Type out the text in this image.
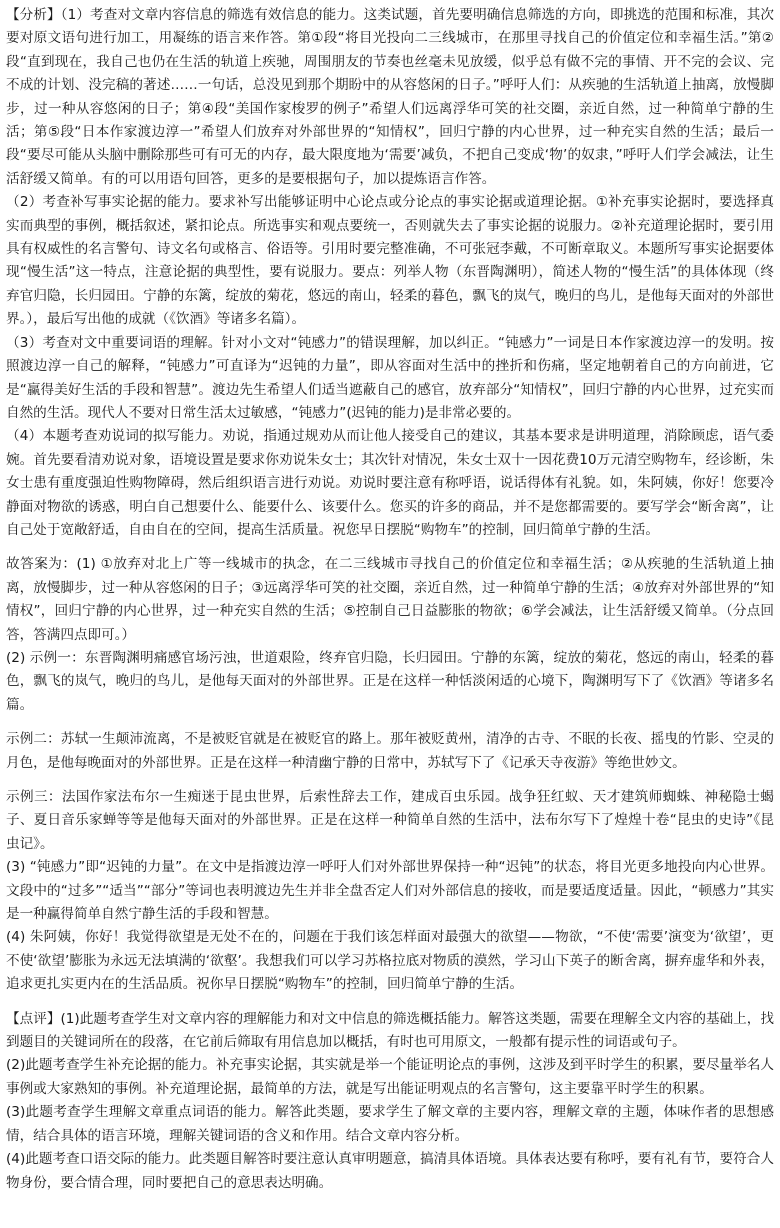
【分析】（1）考查对文章内容信息的筛选有效信息的能力。这类试题，首先要明确信息筛选的方向，即挑选的范围和标准，其次要对原文语句进行加工，用凝练的语言来作答。第①段“将目光投向二三线城市，在那里寻找自己的价值定位和幸福生活。”第②段“直到现在，我自己也仍在生活的轨道上疾驰，周围朋友的节奏也丝毫未见放缓，似乎总有做不完的事情、开不完的会议、完不成的计划、没完稿的著述……一句话，总没见到那个期盼中的从容悠闲的日子。”呼吁人们：从疾驰的生活轨道上抽离，放慢脚步，过一种从容悠闲的日子；第④段“美国作家梭罗的例子”希望人们远离浮华可笑的社交圈，亲近自然，过一种简单宁静的生活；第⑤段“日本作家渡边淳一”希望人们放弃对外部世界的“知情权”，回归宁静的内心世界，过一种充实自然的生活；最后一段“要尽可能从头脑中删除那些可有可无的内存，最大限度地为‘需要’减负，不把自己变成‘物’的奴隶，”呼吁人们学会减法，让生活舒缓又简单。有的可以用语句回答，更多的是要根据句子，加以提炼语言作答。

（2）考查补写事实论据的能力。要求补写出能够证明中心论点或分论点的事实论据或道理论据。①补充事实论据时，要选择真实而典型的事例，概括叙述，紧扣论点。所选事实和观点要统一，否则就失去了事实论据的说服力。②补充道理论据时，要引用具有权威性的名言警句、诗文名句或格言、俗语等。引用时要完整准确，不可张冠李戴，不可断章取义。本题所写事实论据要体现“慢生活”这一特点，注意论据的典型性，要有说服力。要点：列举人物（东晋陶渊明），简述人物的“慢生活”的具体体现（终弃官归隐，长归园田。宁静的东篱，绽放的菊花，悠远的南山，轻柔的暮色，飘飞的岚气，晚归的鸟儿，是他每天面对的外部世界。），最后写出他的成就（《饮酒》等诸多名篇）。

（3）考查对文中重要词语的理解。针对小文对“钝感力”的错误理解，加以纠正。“钝感力”一词是日本作家渡边淳一的发明。按照渡边淳一自己的解释，“钝感力”可直译为“迟钝的力量”，即从容面对生活中的挫折和伤痛，坚定地朝着自己的方向前进，它是“赢得美好生活的手段和智慧”。渡边先生希望人们适当遮蔽自己的感官，放弃部分“知情权”，回归宁静的内心世界，过充实而自然的生活。现代人不要对日常生活太过敏感，“钝感力”(迟钝的能力)是非常必要的。

（4）本题考查劝说词的拟写能力。劝说，指通过规劝从而让他人接受自己的建议，其基本要求是讲明道理，消除顾虑，语气委婉。首先要看清劝说对象，语境设置是要求你劝说朱女士；其次针对情况，朱女士双十一因花费10万元清空购物车，经诊断，朱女士患有重度强迫性购物障碍，然后组织语言进行劝说。劝说时要注意有称呼语，说话得体有礼貌。如，朱阿姨，你好！您要冷静面对物欲的诱惑，明白自己想要什么、能要什么、该要什么。您买的许多的商品，并不是您都需要的。要写学会“断舍离”，让自己处于宽敞舒适，自由自在的空间，提高生活质量。祝您早日摆脱“购物车”的控制，回归简单宁静的生活。

故答案为：(1) ①放弃对北上广等一线城市的执念，在二三线城市寻找自己的价值定位和幸福生活；②从疾驰的生活轨道上抽离，放慢脚步，过一种从容悠闲的日子；③远离浮华可笑的社交圈，亲近自然，过一种简单宁静的生活；④放弃对外部世界的“知情权”，回归宁静的内心世界，过一种充实自然的生活；⑤控制自己日益膨胀的物欲；⑥学会减法，让生活舒缓又简单。（分点回答，答满四点即可。）

(2) 示例一：东晋陶渊明痛感官场污浊，世道艰险，终弃官归隐，长归园田。宁静的东篱，绽放的菊花，悠远的南山，轻柔的暮色，飘飞的岚气，晚归的鸟儿，是他每天面对的外部世界。正是在这样一种恬淡闲适的心境下，陶渊明写下了《饮酒》等诸多名篇。

示例二：苏轼一生颠沛流离，不是被贬官就是在被贬官的路上。那年被贬黄州，清净的古寺、不眠的长夜、摇曳的竹影、空灵的月色，是他每晚面对的外部世界。正是在这样一种清幽宁静的日常中，苏轼写下了《记承天寺夜游》等绝世妙文。

示例三：法国作家法布尔一生痴迷于昆虫世界，后索性辞去工作，建成百虫乐园。战争狂红蚁、天才建筑师蜘蛛、神秘隐士蝎子、夏日音乐家蝉等等是他每天面对的外部世界。正是在这样一种简单自然的生活中，法布尔写下了煌煌十卷“昆虫的史诗”《昆虫记》。

(3) “钝感力”即“迟钝的力量”。在文中是指渡边淳一呼吁人们对外部世界保持一种“迟钝”的状态，将目光更多地投向内心世界。文段中的“过多”“适当”“部分”等词也表明渡边先生并非全盘否定人们对外部信息的接收，而是要适度适量。因此，“顿感力”其实是一种赢得简单自然宁静生活的手段和智慧。

(4) 朱阿姨，你好！我觉得欲望是无处不在的，问题在于我们该怎样面对最强大的欲望——物欲，“不使‘需要’演变为‘欲望’，更不使‘欲望’膨胀为永远无法填满的‘欲壑’。我想我们可以学习苏格拉底对物质的漠然，学习山下英子的断舍离，摒弃虚华和外表，追求更扎实更内在的生活品质。祝你早日摆脱“购物车”的控制，回归简单宁静的生活。

【点评】(1)此题考查学生对文章内容的理解能力和对文中信息的筛选概括能力。解答这类题，需要在理解全文内容的基础上，找到题目的关键词所在的段落，在它前后筛取有用信息加以概括，有时也可用原文，一般都有提示性的词语或句子。

(2)此题考查学生补充论据的能力。补充事实论据，其实就是举一个能证明论点的事例，这涉及到平时学生的积累，要尽量举名人事例或大家熟知的事例。补充道理论据，最简单的方法，就是写出能证明观点的名言警句，这主要靠平时学生的积累。

(3)此题考查学生理解文章重点词语的能力。解答此类题，要求学生了解文章的主要内容，理解文章的主题，体味作者的思想感情，结合具体的语言环境，理解关键词语的含义和作用。结合文章内容分析。

(4)此题考查口语交际的能力。此类题目解答时要注意认真审明题意，搞清具体语境。具体表达要有称呼，要有礼有节，要符合人物身份，要合情合理，同时要把自己的意思表达明确。
